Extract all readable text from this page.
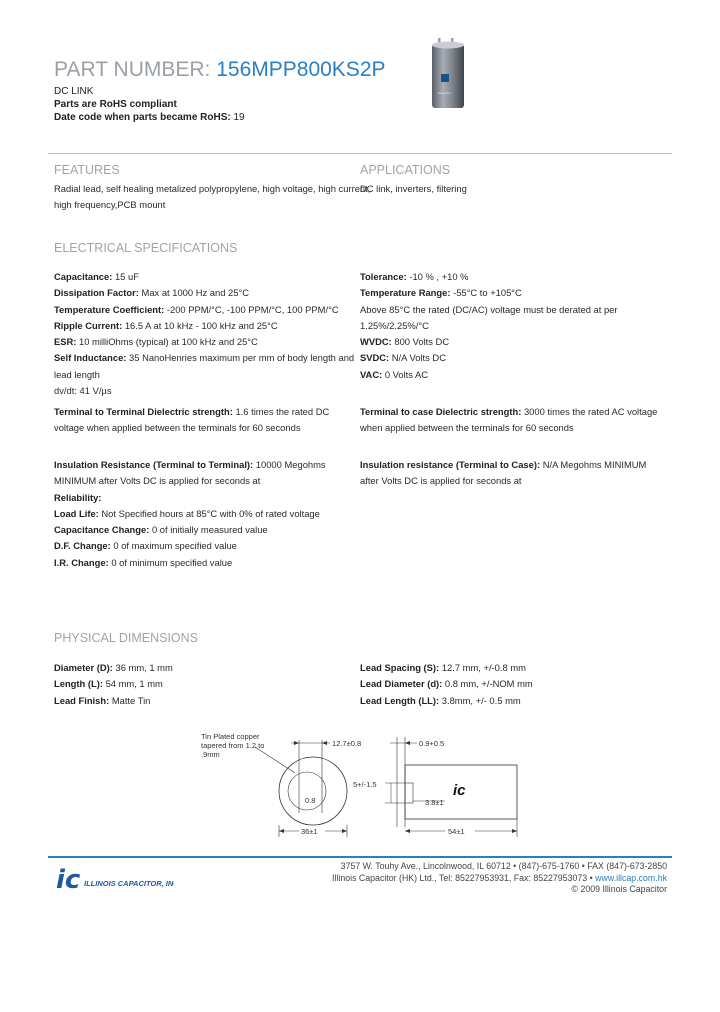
PART NUMBER: 156MPP800KS2P
capacitor
DC LINK
Parts are RoHS compliant
Date code when parts became RoHS: 19
FEATURES	APPLICATIONS
Radial lead, self healing metalized polypropylene, high voltage, high current,
high frequency,PCB mount
DC link, inverters, filtering
ELECTRICAL SPECIFICATIONS
Capacitance: 15 uF
Dissipation Factor: Max at 1000 Hz and 25°C
Temperature Coefficient: -200 PPM/°C, -100 PPM/°C, 100 PPM/°C
Ripple Current: 16.5 A at 10 kHz - 100 kHz and 25°C
ESR: 10 milliOhms (typical) at 100 kHz and 25°C
Self Inductance: 35 NanoHenries maximum per mm of body length and
lead length
dv/dt: 41 V/µs
Tolerance: -10 % , +10 %
Temperature Range: -55°C to +105°C
Above 85°C the rated (DC/AC) voltage must be derated at per
1.25%/2.25%/°C
WVDC: 800 Volts DC
SVDC: N/A Volts DC
VAC: 0 Volts AC
Terminal to Terminal Dielectric strength: 1.6 times the rated DC
voltage when applied between the terminals for 60 seconds
Terminal to case Dielectric strength: 3000 times the rated AC voltage
when applied between the terminals for 60 seconds
Insulation Resistance (Terminal to Terminal): 10000 Megohms
MINIMUM after Volts DC is applied for seconds at
Reliability:
Load Life: Not Specified hours at 85°C with 0% of rated voltage
Capacitance Change: 0 of initially measured value
D.F. Change: 0 of maximum specified value
I.R. Change: 0 of minimum specified value
Insulation resistance (Terminal to Case): N/A Megohms MINIMUM
after Volts DC is applied for seconds at
PHYSICAL DIMENSIONS
Diameter (D): 36 mm, 1 mm
Length (L): 54 mm, 1 mm
Lead Finish: Matte Tin
Lead Spacing (S): 12.7 mm, +/-0.8 mm
Lead Diameter (d): 0.8 mm, +/-NOM mm
Lead Length (LL): 3.8mm, +/- 0.5 mm
Tin Plated copper
tapered from 1.2 to
.9mm
12.7±0.8
0.8
36±1
0.9+0.5
5+/-1.5	ic
3.8±1
54±1
ic ILLINOIS CAPACITOR, INC.
3757 W. Touhy Ave., Lincolnwood, IL 60712 • (847)-675-1760 • FAX (847)-673-2850
Illinois Capacitor (HK) Ltd., Tel: 85227953931, Fax: 85227953073 • www.illcap.com.hk
© 2009 Illinois Capacitor
